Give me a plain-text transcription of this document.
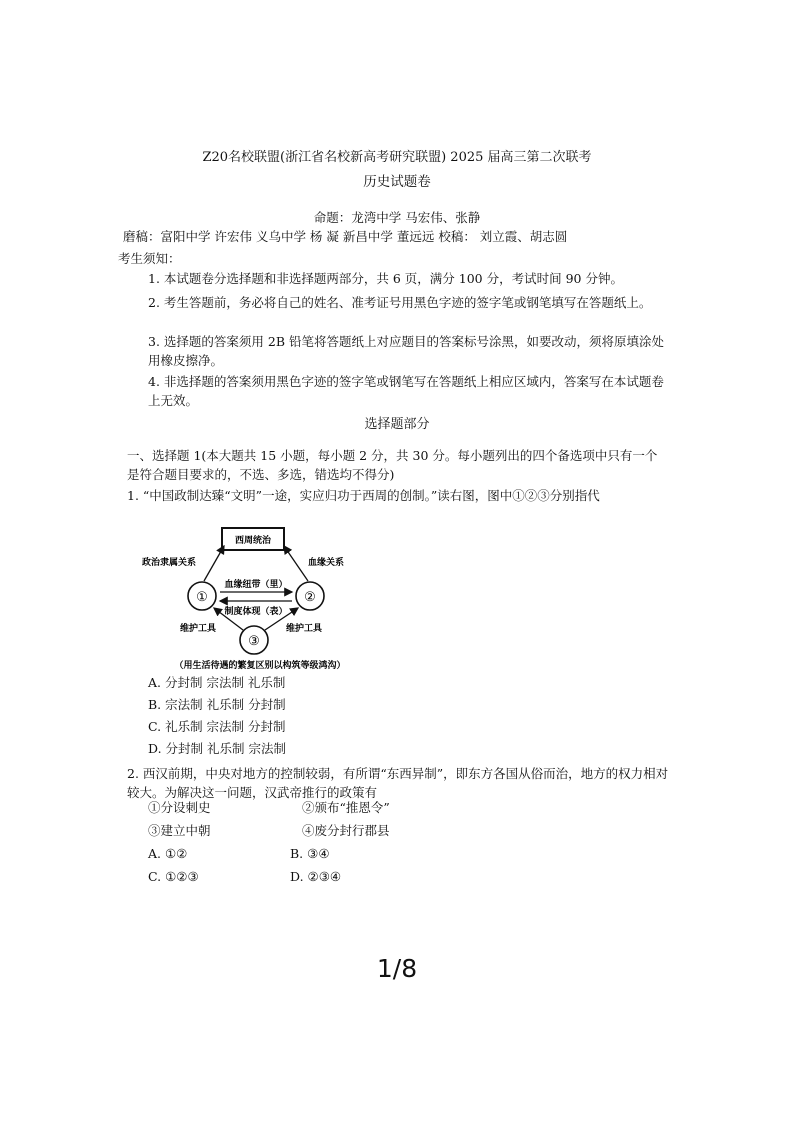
Z20名校联盟(浙江省名校新高考研究联盟) 2025 届高三第二次联考
历史试题卷
命题：龙湾中学 马宏伟、张静
磨稿：富阳中学 许宏伟 义乌中学 杨 凝 新昌中学 董远远 校稿： 刘立霞、胡志圆
考生须知：
1. 本试题卷分选择题和非选择题两部分，共 6 页，满分 100 分，考试时间 90 分钟。
2. 考生答题前，务必将自己的姓名、准考证号用黑色字迹的签字笔或钢笔填写在答题纸上。
3. 选择题的答案须用 2B 铅笔将答题纸上对应题目的答案标号涂黑，如要改动，须将原填涂处用橡皮擦净。
4. 非选择题的答案须用黑色字迹的签字笔或钢笔写在答题纸上相应区域内，答案写在本试题卷上无效。
选择题部分
一、选择题 1(本大题共 15 小题，每小题 2 分，共 30 分。每小题列出的四个备选项中只有一个是符合题目要求的，不选、多选，错选均不得分)
1. “中国政制达臻“文明”一途，实应归功于西周的创制。”读右图，图中①②③分别指代
西周统治
①	②
③
政治隶属关系	血缘关系
血缘纽带（里）
制度体现（表）
维护工具	维护工具
（用生活待遇的繁复区别以构筑等级鸿沟）
A. 分封制 宗法制 礼乐制
B. 宗法制 礼乐制 分封制
C. 礼乐制 宗法制 分封制
D. 分封制 礼乐制 宗法制
2. 西汉前期，中央对地方的控制较弱，有所谓“东西异制”，即东方各国从俗而治，地方的权力相对较大。为解决这一问题，汉武帝推行的政策有
①分设刺史	②颁布“推恩令”
③建立中朝	④废分封行郡县
A. ①②	B. ③④
C. ①②③	D. ②③④
1/8
